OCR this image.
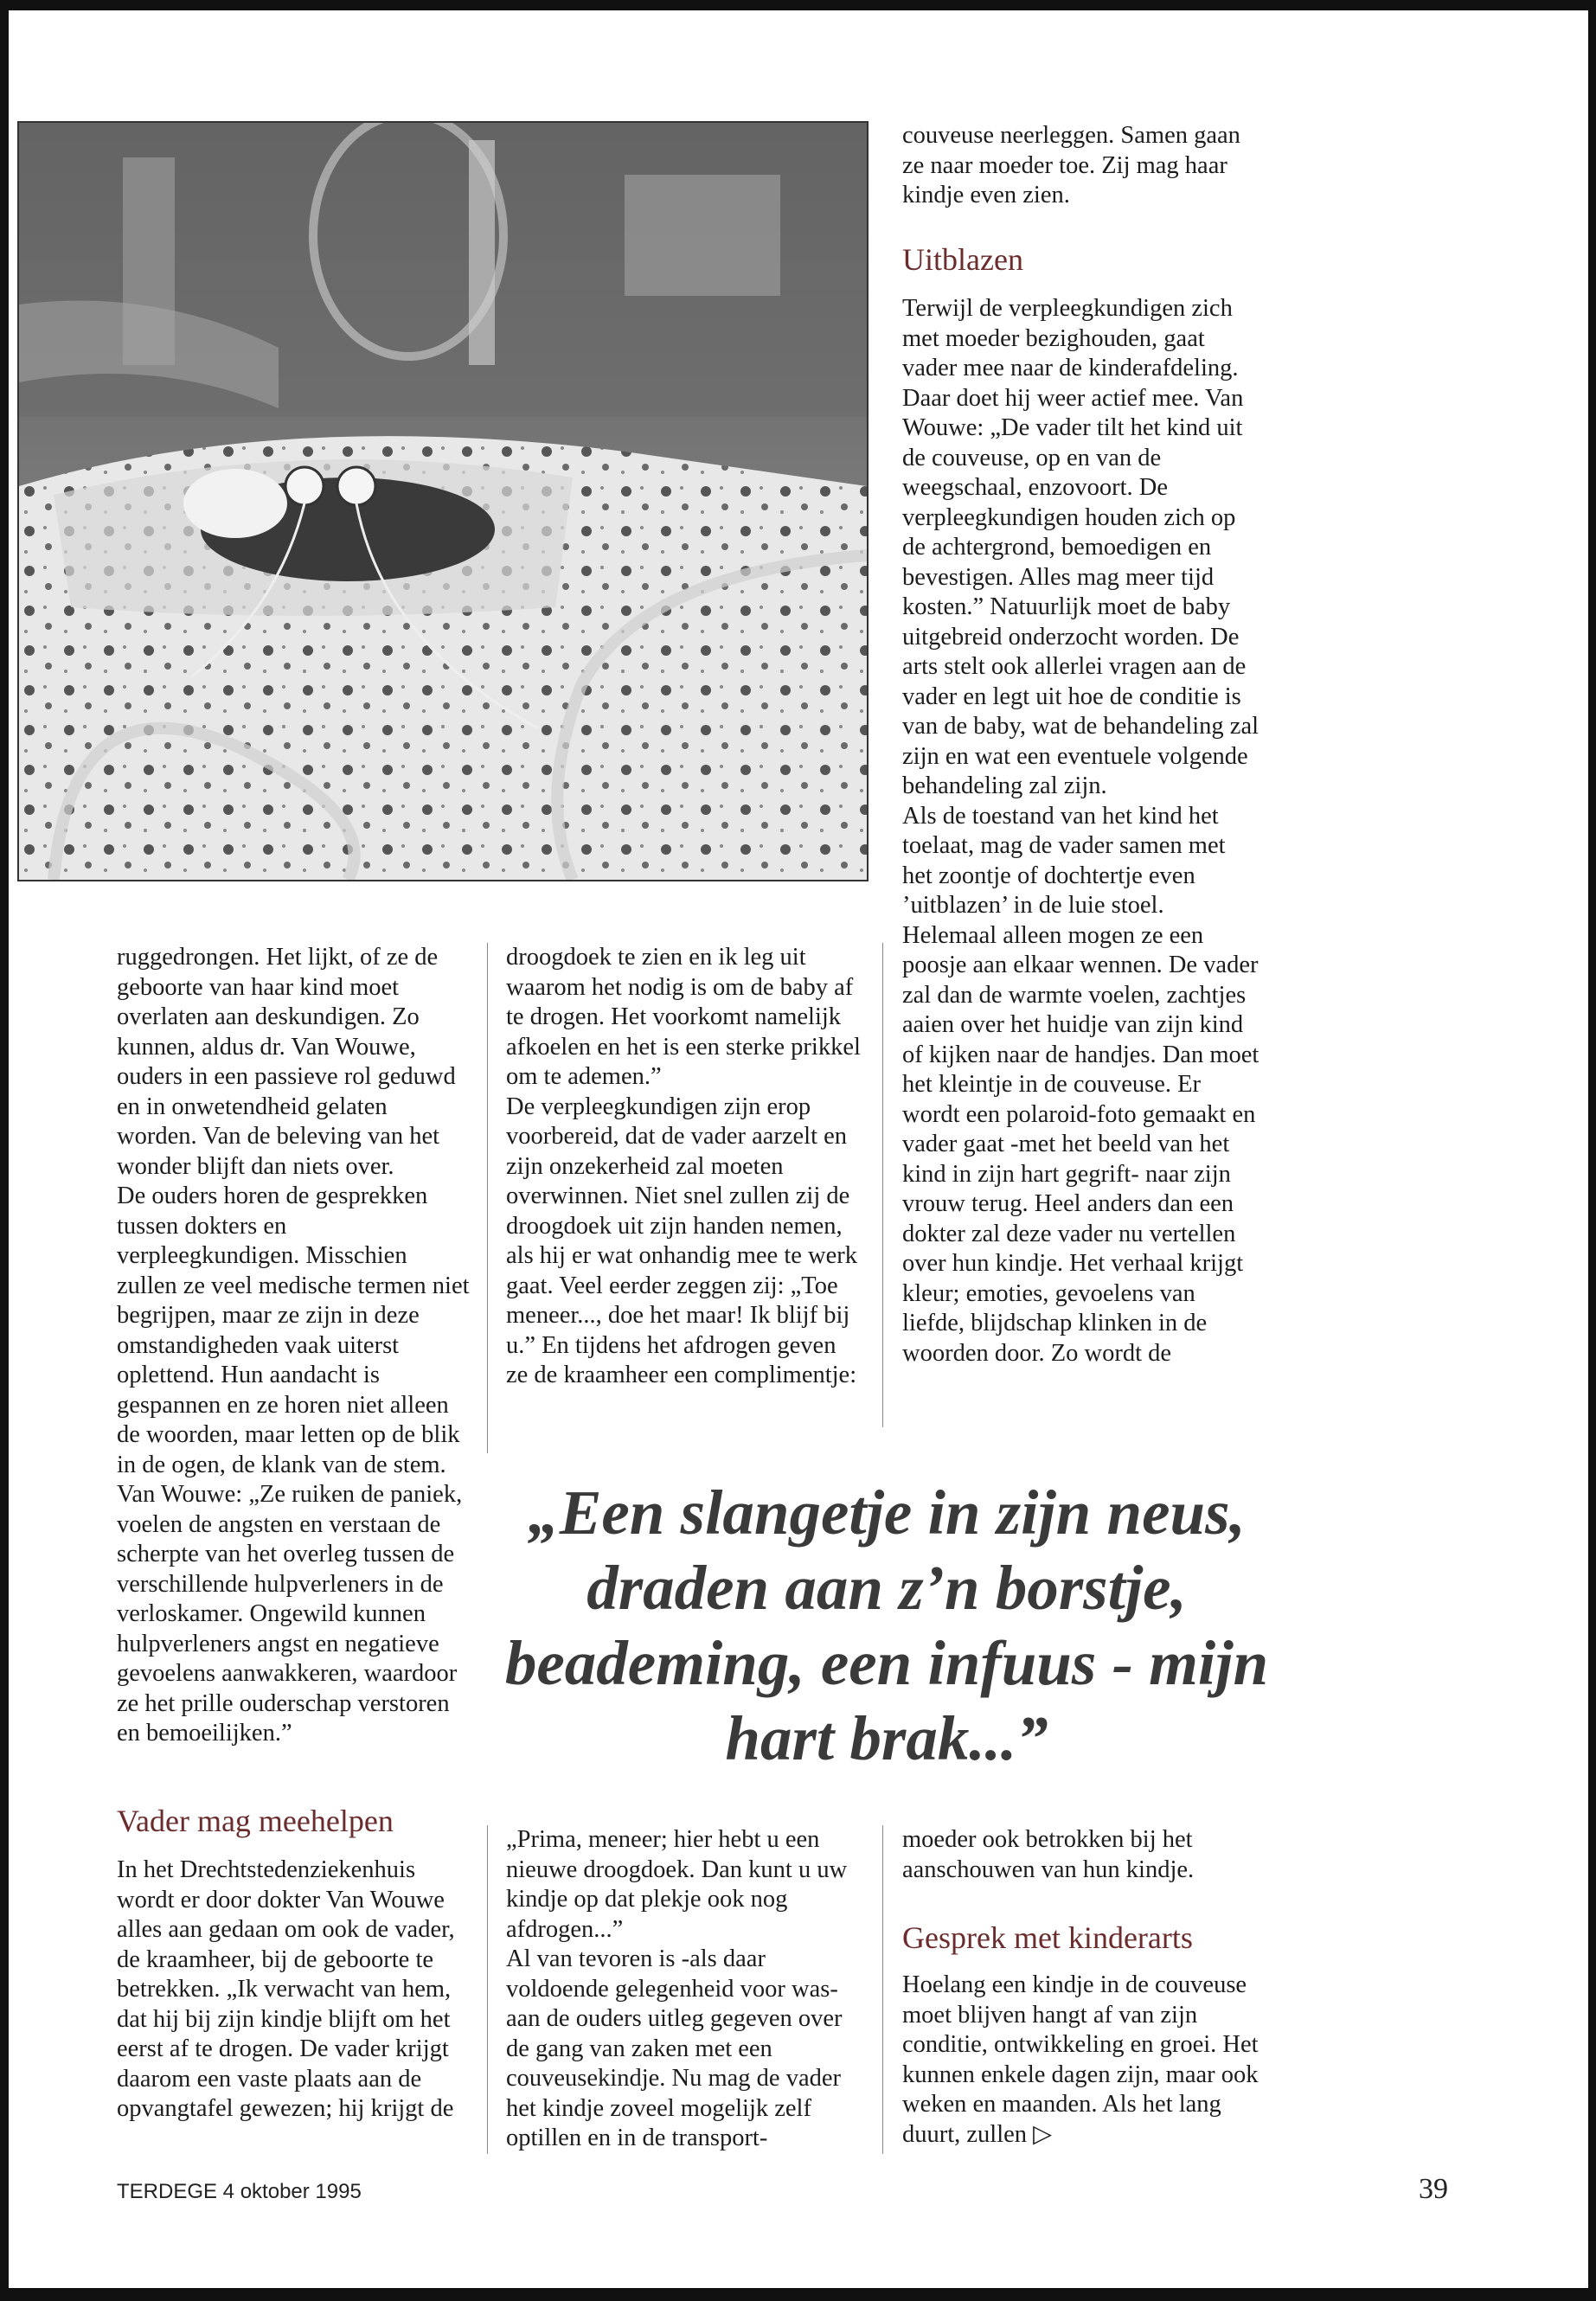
couveuse neerleggen. Samen gaan ze naar moeder toe. Zij mag haar kindje even zien.

Uitblazen

Terwijl de verpleegkundigen zich met moeder bezighouden, gaat vader mee naar de kinderafdeling. Daar doet hij weer actief mee. Van Wouwe: „De vader tilt het kind uit de couveuse, op en van de weegschaal, enzovoort. De verpleegkundigen houden zich op de achtergrond, bemoedigen en bevestigen. Alles mag meer tijd kosten.” Natuurlijk moet de baby uitgebreid onderzocht worden. De arts stelt ook allerlei vragen aan de vader en legt uit hoe de conditie is van de baby, wat de behandeling zal zijn en wat een eventuele volgende behandeling zal zijn.

Als de toestand van het kind het toelaat, mag de vader samen met het zoontje of dochtertje even ’uitblazen’ in de luie stoel. Helemaal alleen mogen ze een poosje aan elkaar wennen. De vader zal dan de warmte voelen, zachtjes aaien over het huidje van zijn kind of kijken naar de handjes. Dan moet het kleintje in de couveuse. Er wordt een polaroid-foto gemaakt en vader gaat -met het beeld van het kind in zijn hart gegrift- naar zijn vrouw terug. Heel anders dan een dokter zal deze vader nu vertellen over hun kindje. Het verhaal krijgt kleur; emoties, gevoelens van liefde, blijdschap klinken in de woorden door. Zo wordt de

ruggedrongen. Het lijkt, of ze de geboorte van haar kind moet overlaten aan deskundigen. Zo kunnen, aldus dr. Van Wouwe, ouders in een passieve rol geduwd en in onwetendheid gelaten worden. Van de beleving van het wonder blijft dan niets over.

De ouders horen de gesprekken tussen dokters en verpleegkundigen. Misschien zullen ze veel medische termen niet begrijpen, maar ze zijn in deze omstandigheden vaak uiterst oplettend. Hun aandacht is gespannen en ze horen niet alleen de woorden, maar letten op de blik in de ogen, de klank van de stem. Van Wouwe: „Ze ruiken de paniek, voelen de angsten en verstaan de scherpte van het overleg tussen de verschillende hulpverleners in de verloskamer. Ongewild kunnen hulpverleners angst en negatieve gevoelens aanwakkeren, waardoor ze het prille ouderschap verstoren en bemoeilijken.”

Vader mag meehelpen

In het Drechtstedenziekenhuis wordt er door dokter Van Wouwe alles aan gedaan om ook de vader, de kraamheer, bij de geboorte te betrekken. „Ik verwacht van hem, dat hij bij zijn kindje blijft om het eerst af te drogen. De vader krijgt daarom een vaste plaats aan de opvangtafel gewezen; hij krijgt de

droogdoek te zien en ik leg uit waarom het nodig is om de baby af te drogen. Het voorkomt namelijk afkoelen en het is een sterke prikkel om te ademen.”

De verpleegkundigen zijn erop voorbereid, dat de vader aarzelt en zijn onzekerheid zal moeten overwinnen. Niet snel zullen zij de droogdoek uit zijn handen nemen, als hij er wat onhandig mee te werk gaat. Veel eerder zeggen zij: „Toe meneer..., doe het maar! Ik blijf bij u.” En tijdens het afdrogen geven ze de kraamheer een complimentje:

„Een slangetje in zijn neus, draden aan z’n borstje, beademing, een infuus - mijn hart brak...”

„Prima, meneer; hier hebt u een nieuwe droogdoek. Dan kunt u uw kindje op dat plekje ook nog afdrogen...”

Al van tevoren is -als daar voldoende gelegenheid voor was- aan de ouders uitleg gegeven over de gang van zaken met een couveusekindje. Nu mag de vader het kindje zoveel mogelijk zelf optillen en in de transport-

moeder ook betrokken bij het aanschouwen van hun kindje.

Gesprek met kinderarts

Hoelang een kindje in de couveuse moet blijven hangt af van zijn conditie, ontwikkeling en groei. Het kunnen enkele dagen zijn, maar ook weken en maanden. Als het lang duurt, zullen ▷

TERDEGE 4 oktober 1995	39
